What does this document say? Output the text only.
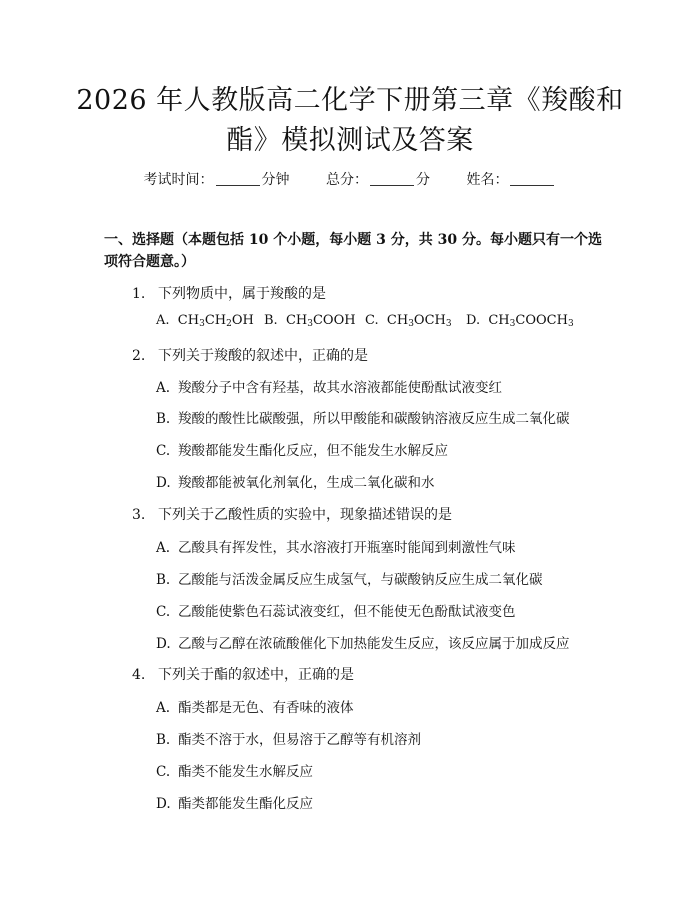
2026 年人教版高二化学下册第三章《羧酸和
酯》模拟测试及答案
考试时间：	分钟	总分：	分	姓名：
一、选择题（本题包括 10 个小题，每小题 3 分，共 30 分。每小题只有一个选项符合题意。）
1. 下列物质中，属于羧酸的是
A. $CH_3CH_2OH$ B. $CH_3COOH$ C. $CH_3OCH_3$ D. $CH_3COOCH_3$
2. 下列关于羧酸的叙述中，正确的是
A. 羧酸分子中含有羟基，故其水溶液都能使酚酞试液变红
B. 羧酸的酸性比碳酸强，所以甲酸能和碳酸钠溶液反应生成二氧化碳
C. 羧酸都能发生酯化反应，但不能发生水解反应
D. 羧酸都能被氧化剂氧化，生成二氧化碳和水
3. 下列关于乙酸性质的实验中，现象描述错误的是
A. 乙酸具有挥发性，其水溶液打开瓶塞时能闻到刺激性气味
B. 乙酸能与活泼金属反应生成氢气，与碳酸钠反应生成二氧化碳
C. 乙酸能使紫色石蕊试液变红，但不能使无色酚酞试液变色
D. 乙酸与乙醇在浓硫酸催化下加热能发生反应，该反应属于加成反应
4. 下列关于酯的叙述中，正确的是
A. 酯类都是无色、有香味的液体
B. 酯类不溶于水，但易溶于乙醇等有机溶剂
C. 酯类不能发生水解反应
D. 酯类都能发生酯化反应
